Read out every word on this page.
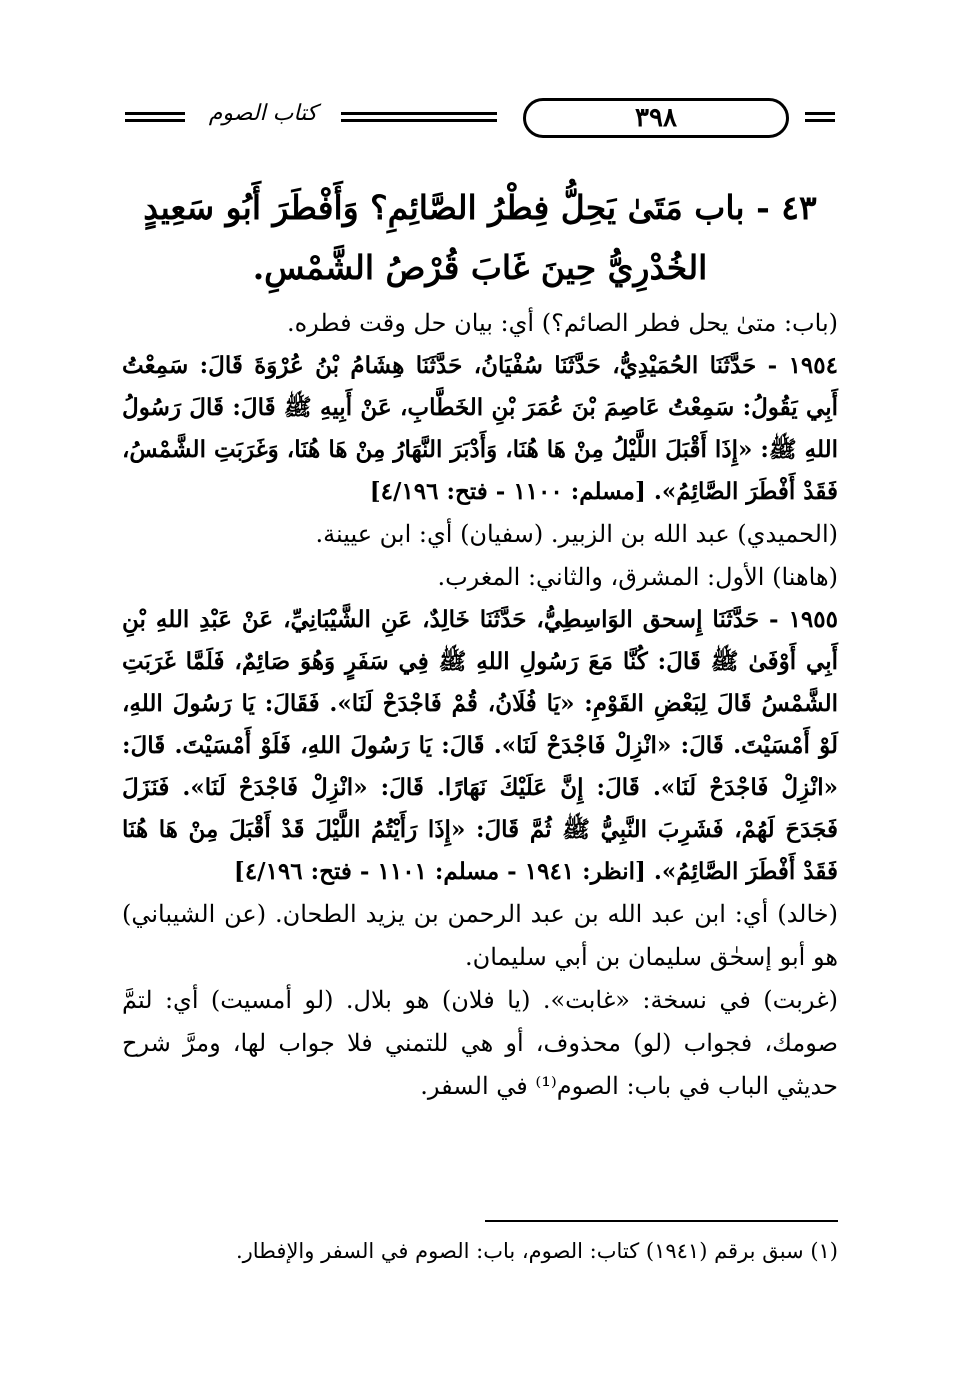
كتاب الصوم	٣٩٨

٤٣ - باب مَتَىٰ يَحِلُّ فِطْرُ الصَّائِمِ؟ وَأَفْطَرَ أَبُو سَعِيدٍ الخُدْرِيُّ حِينَ غَابَ قُرْصُ الشَّمْسِ.

(باب: متىٰ يحل فطر الصائم؟) أي: بيان حل وقت فطره.

١٩٥٤ - حَدَّثَنَا الحُمَيْدِيُّ، حَدَّثَنَا سُفْيَانُ، حَدَّثَنَا هِشَامُ بْنُ عُرْوَةَ قَالَ: سَمِعْتُ أَبِي يَقُولُ: سَمِعْتُ عَاصِمَ بْنَ عُمَرَ بْنِ الخَطَّابِ، عَنْ أَبِيهِ ﷺ قَالَ: قَالَ رَسُولُ اللهِ ﷺ: «إِذَا أَقْبَلَ اللَّيْلُ مِنْ هَا هُنَا، وَأَدْبَرَ النَّهَارُ مِنْ هَا هُنَا، وَغَرَبَتِ الشَّمْسُ، فَقَدْ أَفْطَرَ الصَّائِمُ». [مسلم: ١١٠٠ - فتح: ٤/١٩٦]

(الحميدي) عبد الله بن الزبير. (سفيان) أي: ابن عيينة.

(هاهنا) الأول: المشرق، والثاني: المغرب.

١٩٥٥ - حَدَّثَنَا إِسحق الوَاسِطِيُّ، حَدَّثَنَا خَالِدٌ، عَنِ الشَّيْبَانِيِّ، عَنْ عَبْدِ اللهِ بْنِ أَبِي أَوْفَىٰ ﷺ قَالَ: كُنَّا مَعَ رَسُولِ اللهِ ﷺ فِي سَفَرٍ وَهُوَ صَائِمٌ، فَلَمَّا غَرَبَتِ الشَّمْسُ قَالَ لِبَعْضِ القَوْمِ: «يَا فُلَانُ، قُمْ فَاجْدَحْ لَنَا». فَقَالَ: يَا رَسُولَ اللهِ، لَوْ أَمْسَيْتَ. قَالَ: «انْزِلْ فَاجْدَحْ لَنَا». قَالَ: يَا رَسُولَ اللهِ، فَلَوْ أَمْسَيْتَ. قَالَ: «انْزِلْ فَاجْدَحْ لَنَا». قَالَ: إِنَّ عَلَيْكَ نَهَارًا. قَالَ: «انْزِلْ فَاجْدَحْ لَنَا». فَنَزَلَ فَجَدَحَ لَهُمْ، فَشَرِبَ النَّبِيُّ ﷺ ثُمَّ قَالَ: «إِذَا رَأَيْتُمُ اللَّيْلَ قَدْ أَقْبَلَ مِنْ هَا هُنَا فَقَدْ أَفْطَرَ الصَّائِمُ». [انظر: ١٩٤١ - مسلم: ١١٠١ - فتح: ٤/١٩٦]

(خالد) أي: ابن عبد الله بن عبد الرحمن بن يزيد الطحان. (عن الشيباني) هو أبو إسحٰق سليمان بن أبي سليمان.

(غربت) في نسخة: «غابت». (يا فلان) هو بلال. (لو أمسيت) أي: لتمَّ صومك، فجواب (لو) محذوف، أو هي للتمني فلا جواب لها، ومرَّ شرح حديثي الباب في باب: الصوم⁽¹⁾ في السفر.

(١) سبق برقم (١٩٤١) كتاب: الصوم، باب: الصوم في السفر والإفطار.
